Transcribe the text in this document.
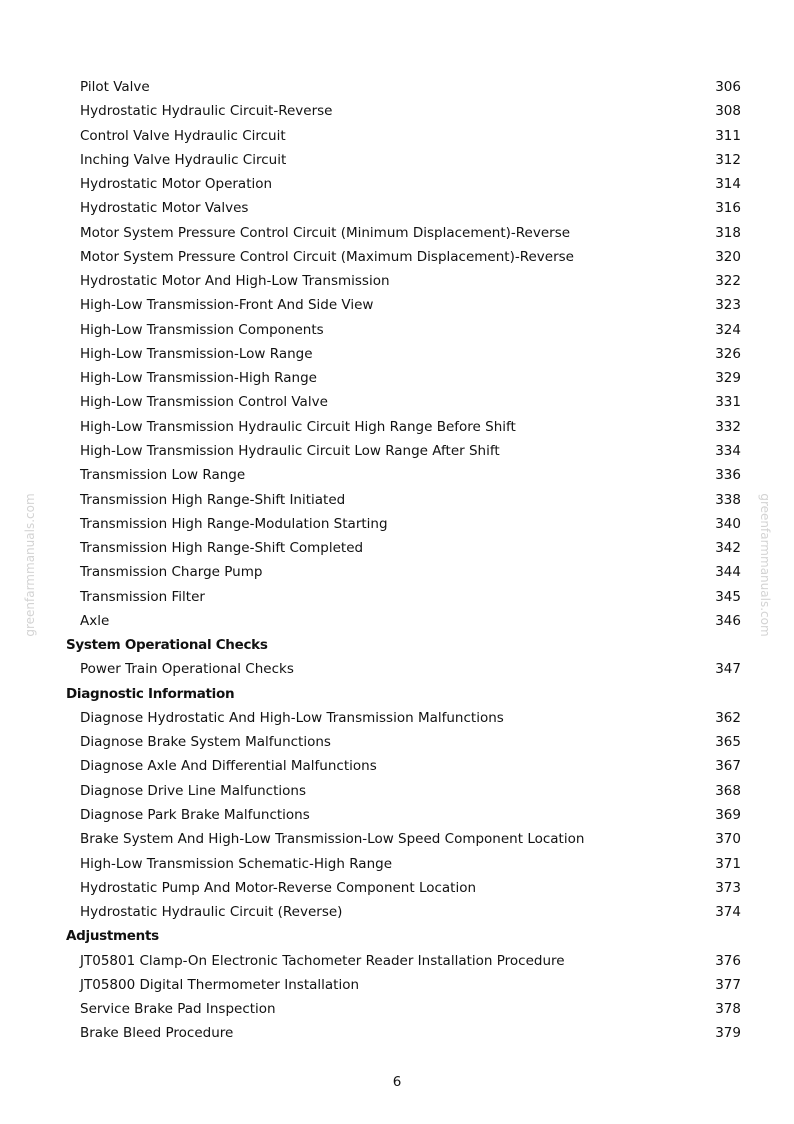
greenfarmmanuals.com	greenfarmmanuals.com
Pilot Valve	306
Hydrostatic Hydraulic Circuit-Reverse	308
Control Valve Hydraulic Circuit	311
Inching Valve Hydraulic Circuit	312
Hydrostatic Motor Operation	314
Hydrostatic Motor Valves	316
Motor System Pressure Control Circuit (Minimum Displacement)-Reverse	318
Motor System Pressure Control Circuit (Maximum Displacement)-Reverse	320
Hydrostatic Motor And High-Low Transmission	322
High-Low Transmission-Front And Side View	323
High-Low Transmission Components	324
High-Low Transmission-Low Range	326
High-Low Transmission-High Range	329
High-Low Transmission Control Valve	331
High-Low Transmission Hydraulic Circuit High Range Before Shift	332
High-Low Transmission Hydraulic Circuit Low Range After Shift	334
Transmission Low Range	336
Transmission High Range-Shift Initiated	338
Transmission High Range-Modulation Starting	340
Transmission High Range-Shift Completed	342
Transmission Charge Pump	344
Transmission Filter	345
Axle	346
System Operational Checks
Power Train Operational Checks	347
Diagnostic Information
Diagnose Hydrostatic And High-Low Transmission Malfunctions	362
Diagnose Brake System Malfunctions	365
Diagnose Axle And Differential Malfunctions	367
Diagnose Drive Line Malfunctions	368
Diagnose Park Brake Malfunctions	369
Brake System And High-Low Transmission-Low Speed Component Location	370
High-Low Transmission Schematic-High Range	371
Hydrostatic Pump And Motor-Reverse Component Location	373
Hydrostatic Hydraulic Circuit (Reverse)	374
Adjustments
JT05801 Clamp-On Electronic Tachometer Reader Installation Procedure	376
JT05800 Digital Thermometer Installation	377
Service Brake Pad Inspection	378
Brake Bleed Procedure	379
6
